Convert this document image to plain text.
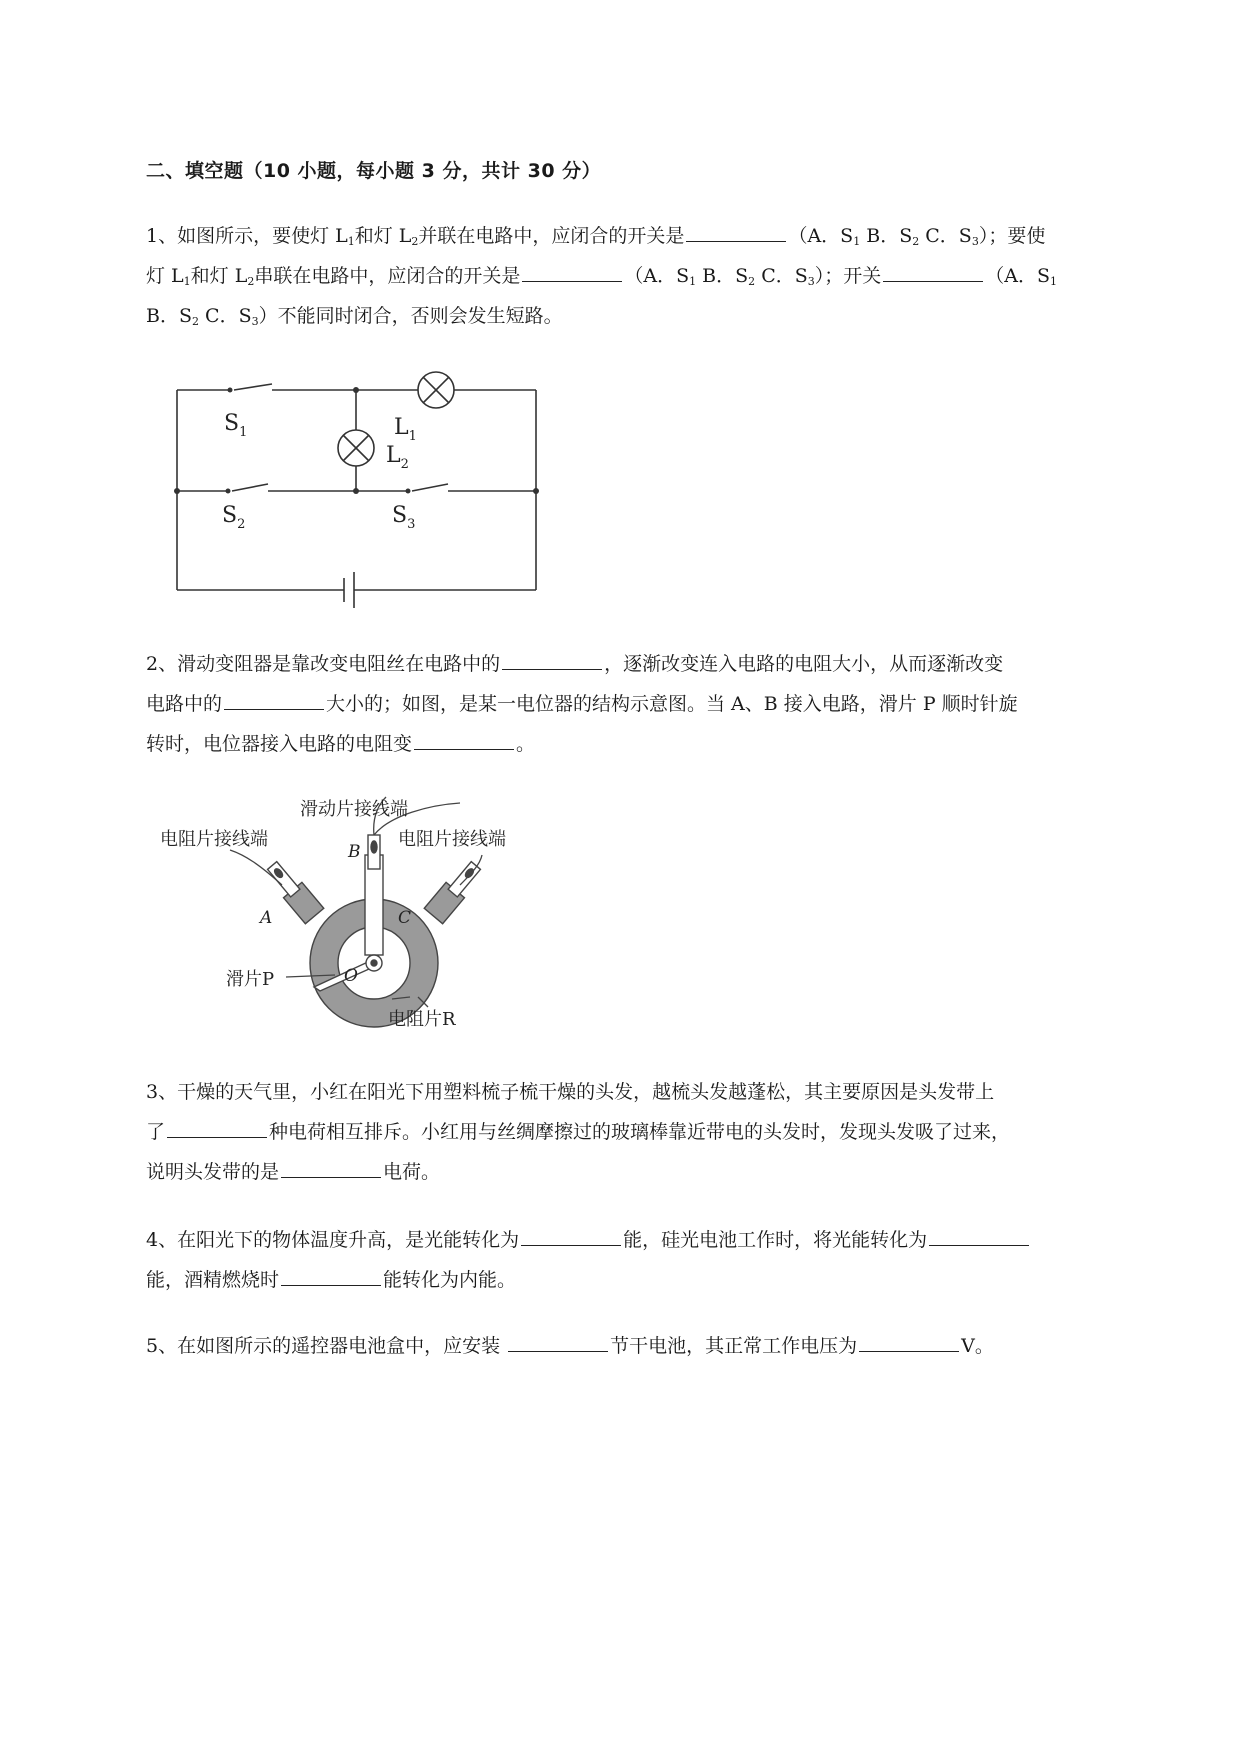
二、填空题（10 小题，每小题 3 分，共计 30 分）
1、如图所示，要使灯 $L_1$和灯 $L_2$并联在电路中，应闭合的开关是	（A．$S_1$ B．$S_2$ C．$S_3$）；要使
灯 $L_1$和灯 $L_2$串联在电路中，应闭合的开关是	（A．$S_1$ B．$S_2$ C．$S_3$）；开关	（A．$S_1$
B．$S_2$ C．$S_3$）不能同时闭合，否则会发生短路。
$S_1$	$L_1$
$L_2$
$S_2$	$S_3$
2、滑动变阻器是靠改变电阻丝在电路中的	，逐渐改变连入电路的电阻大小，从而逐渐改变
电路中的	大小的；如图，是某一电位器的结构示意图。当 A、B 接入电路，滑片 P 顺时针旋
转时，电位器接入电路的电阻变	。
滑动片接线端
电阻片接线端	电阻片接线端
滑片P
电阻片R
A
B
C
O
3、干燥的天气里，小红在阳光下用塑料梳子梳干燥的头发，越梳头发越蓬松，其主要原因是头发带上
了	种电荷相互排斥。小红用与丝绸摩擦过的玻璃棒靠近带电的头发时，发现头发吸了过来，
说明头发带的是	电荷。
4、在阳光下的物体温度升高，是光能转化为	能，硅光电池工作时，将光能转化为
能，酒精燃烧时	能转化为内能。
5、在如图所示的遥控器电池盒中，应安装	节干电池，其正常工作电压为	V。
